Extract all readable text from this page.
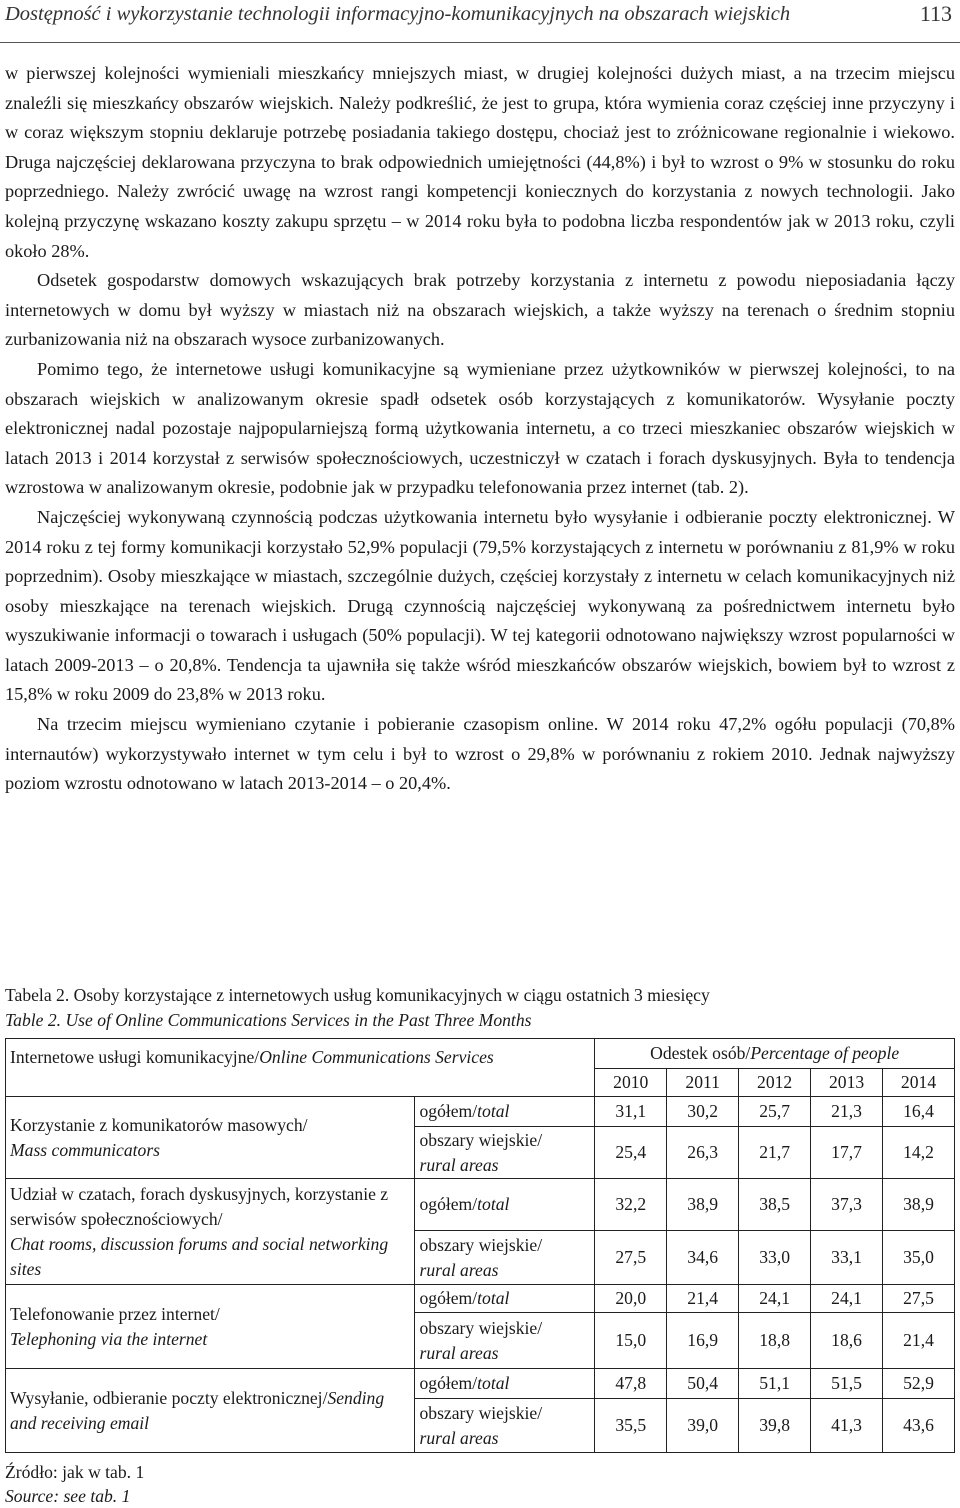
Dostępność i wykorzystanie technologii informacyjno-komunikacyjnych na obszarach wiejskich	113

w pierwszej kolejności wymieniali mieszkańcy mniejszych miast, w drugiej kolejności dużych miast, a na trzecim miejscu znaleźli się mieszkańcy obszarów wiejskich. Należy podkreślić, że jest to grupa, która wymienia coraz częściej inne przyczyny i w coraz większym stopniu deklaruje potrzebę posiadania takiego dostępu, chociaż jest to zróżnicowane regionalnie i wiekowo. Druga najczęściej deklarowana przyczyna to brak odpowiednich umiejętności (44,8%) i był to wzrost o 9% w stosunku do roku poprzedniego. Należy zwrócić uwagę na wzrost rangi kompetencji koniecznych do korzystania z nowych technologii. Jako kolejną przyczynę wskazano koszty zakupu sprzętu – w 2014 roku była to podobna liczba respondentów jak w 2013 roku, czyli około 28%.

Odsetek gospodarstw domowych wskazujących brak potrzeby korzystania z internetu z powodu nieposiadania łączy internetowych w domu był wyższy w miastach niż na obszarach wiejskich, a także wyższy na terenach o średnim stopniu zurbanizowania niż na obszarach wysoce zurbanizowanych.

Pomimo tego, że internetowe usługi komunikacyjne są wymieniane przez użytkowników w pierwszej kolejności, to na obszarach wiejskich w analizowanym okresie spadł odsetek osób korzystających z komunikatorów. Wysyłanie poczty elektronicznej nadal pozostaje najpopularniejszą formą użytkowania internetu, a co trzeci mieszkaniec obszarów wiejskich w latach 2013 i 2014 korzystał z serwisów społecznościowych, uczestniczył w czatach i forach dyskusyjnych. Była to tendencja wzrostowa w analizowanym okresie, podobnie jak w przypadku telefonowania przez internet (tab. 2).

Najczęściej wykonywaną czynnością podczas użytkowania internetu było wysyłanie i odbieranie poczty elektronicznej. W 2014 roku z tej formy komunikacji korzystało 52,9% populacji (79,5% korzystających z internetu w porównaniu z 81,9% w roku poprzednim). Osoby mieszkające w miastach, szczególnie dużych, częściej korzystały z internetu w celach komunikacyjnych niż osoby mieszkające na terenach wiejskich. Drugą czynnością najczęściej wykonywaną za pośrednictwem internetu było wyszukiwanie informacji o towarach i usługach (50% populacji). W tej kategorii odnotowano największy wzrost popularności w latach 2009-2013 – o 20,8%. Tendencja ta ujawniła się także wśród mieszkańców obszarów wiejskich, bowiem był to wzrost z 15,8% w roku 2009 do 23,8% w 2013 roku.

Na trzecim miejscu wymieniano czytanie i pobieranie czasopism online. W 2014 roku 47,2% ogółu populacji (70,8% internautów) wykorzystywało internet w tym celu i był to wzrost o 29,8% w porównaniu z rokiem 2010. Jednak najwyższy poziom wzrostu odnotowano w latach 2013-2014 – o 20,4%.

Tabela 2. Osoby korzystające z internetowych usług komunikacyjnych w ciągu ostatnich 3 miesięcy
Table 2. Use of Online Communications Services in the Past Three Months
Internetowe usługi komunikacyjne/Online Communications Services		Odestek osób/Percentage of people				
		2010	2011	2012	2013	2014
Korzystanie z komunikatorów masowych/
Mass communicators	ogółem/total	31,1	30,2	25,7	21,3	16,4
	obszary wiejskie/
rural areas	25,4	26,3	21,7	17,7	14,2
Udział w czatach, forach dyskusyjnych, korzystanie z serwisów społecznościowych/
Chat rooms, discussion forums and social networking sites	ogółem/total	32,2	38,9	38,5	37,3	38,9
	obszary wiejskie/
rural areas	27,5	34,6	33,0	33,1	35,0
Telefonowanie przez internet/
Telephoning via the internet	ogółem/total	20,0	21,4	24,1	24,1	27,5
	obszary wiejskie/
rural areas	15,0	16,9	18,8	18,6	21,4
Wysyłanie, odbieranie poczty elektronicznej/Sending and receiving email	ogółem/total	47,8	50,4	51,1	51,5	52,9
	obszary wiejskie/
rural areas	35,5	39,0	39,8	41,3	43,6
Źródło: jak w tab. 1
Source: see tab. 1
